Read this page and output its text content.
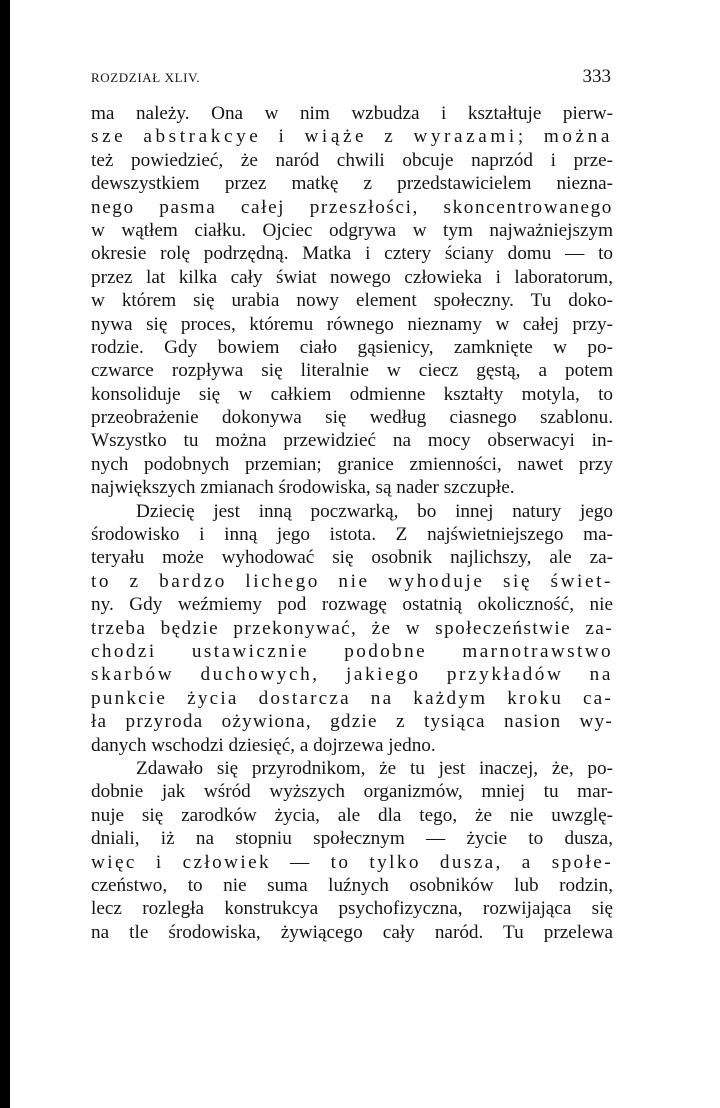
ROZDZIAŁ XLIV.	333
ma należy. Ona w nim wzbudza i kształtuje pierw-
sze abstrakcye i wiąże z wyrazami; można
też powiedzieć, że naród chwili obcuje naprzód i prze-
dewszystkiem przez matkę z przedstawicielem niezna-
nego pasma całej przeszłości, skoncentrowanego
w wątłem ciałku. Ojciec odgrywa w tym najważniejszym
okresie rolę podrzędną. Matka i cztery ściany domu — to
przez lat kilka cały świat nowego człowieka i laboratorum,
w którem się urabia nowy element społeczny. Tu doko-
nywa się proces, któremu równego nieznamy w całej przy-
rodzie. Gdy bowiem ciało gąsienicy, zamknięte w po-
czwarce rozpływa się literalnie w ciecz gęstą, a potem
konsoliduje się w całkiem odmienne kształty motyla, to
przeobrażenie dokonywa się według ciasnego szablonu.
Wszystko tu można przewidzieć na mocy obserwacyi in-
nych podobnych przemian; granice zmienności, nawet przy
największych zmianach środowiska, są nader szczupłe.
Dziecię jest inną poczwarką, bo innej natury jego
środowisko i inną jego istota. Z najświetniejszego ma-
teryału może wyhodować się osobnik najlichszy, ale za-
to z bardzo lichego nie wyhoduje się świet-
ny. Gdy weźmiemy pod rozwagę ostatnią okoliczność, nie
trzeba będzie przekonywać, że w społeczeństwie za-
chodzi ustawicznie podobne marnotrawstwo
skarbów duchowych, jakiego przykładów na
punkcie życia dostarcza na każdym kroku ca-
ła przyroda ożywiona, gdzie z tysiąca nasion wy-
danych wschodzi dziesięć, a dojrzewa jedno.
Zdawało się przyrodnikom, że tu jest inaczej, że, po-
dobnie jak wśród wyższych organizmów, mniej tu mar-
nuje się zarodków życia, ale dla tego, że nie uwzglę-
dniali, iż na stopniu społecznym — życie to dusza,
więc i człowiek — to tylko dusza, a społe-
czeństwo, to nie suma luźnych osobników lub rodzin,
lecz rozległa konstrukcya psychofizyczna, rozwijająca się
na tle środowiska, żywiącego cały naród. Tu przelewa
